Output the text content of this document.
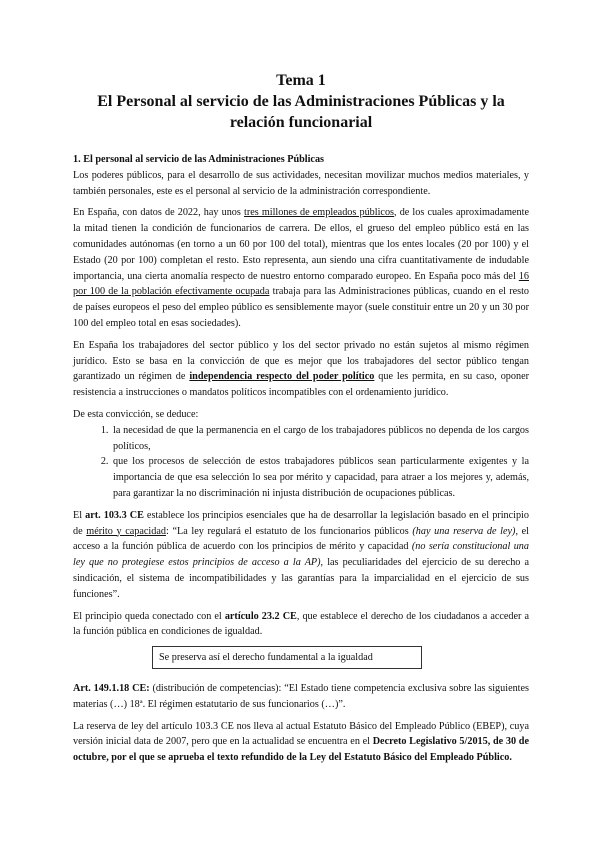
Tema 1
El Personal al servicio de las Administraciones Públicas y la relación funcionarial
1. El personal al servicio de las Administraciones Públicas

Los poderes públicos, para el desarrollo de sus actividades, necesitan movilizar muchos medios materiales, y también personales, este es el personal al servicio de la administración correspondiente.

En España, con datos de 2022, hay unos tres millones de empleados públicos, de los cuales aproximadamente la mitad tienen la condición de funcionarios de carrera. De ellos, el grueso del empleo público está en las comunidades autónomas (en torno a un 60 por 100 del total), mientras que los entes locales (20 por 100) y el Estado (20 por 100) completan el resto. Esto representa, aun siendo una cifra cuantitativamente de indudable importancia, una cierta anomalía respecto de nuestro entorno comparado europeo. En España poco más del 16 por 100 de la población efectivamente ocupada trabaja para las Administraciones públicas, cuando en el resto de países europeos el peso del empleo público es sensiblemente mayor (suele constituir entre un 20 y un 30 por 100 del empleo total en esas sociedades).

En España los trabajadores del sector público y los del sector privado no están sujetos al mismo régimen jurídico. Esto se basa en la convicción de que es mejor que los trabajadores del sector público tengan garantizado un régimen de independencia respecto del poder político que les permita, en su caso, oponer resistencia a instrucciones o mandatos políticos incompatibles con el ordenamiento jurídico.

De esta convicción, se deduce:

1. la necesidad de que la permanencia en el cargo de los trabajadores públicos no dependa de los cargos políticos,
2. que los procesos de selección de estos trabajadores públicos sean particularmente exigentes y la importancia de que esa selección lo sea por mérito y capacidad, para atraer a los mejores y, además, para garantizar la no discriminación ni injusta distribución de ocupaciones públicas.

El art. 103.3 CE establece los principios esenciales que ha de desarrollar la legislación basado en el principio de mérito y capacidad: “La ley regulará el estatuto de los funcionarios públicos (hay una reserva de ley), el acceso a la función pública de acuerdo con los principios de mérito y capacidad (no sería constitucional una ley que no protegiese estos principios de acceso a la AP), las peculiaridades del ejercicio de su derecho a sindicación, el sistema de incompatibilidades y las garantías para la imparcialidad en el ejercicio de sus funciones”.

El principio queda conectado con el artículo 23.2 CE, que establece el derecho de los ciudadanos a acceder a la función pública en condiciones de igualdad.

Se preserva así el derecho fundamental a la igualdad

Art. 149.1.18 CE: (distribución de competencias): “El Estado tiene competencia exclusiva sobre las siguientes materias (…) 18ª. El régimen estatutario de sus funcionarios (…)”.

La reserva de ley del artículo 103.3 CE nos lleva al actual Estatuto Básico del Empleado Público (EBEP), cuya versión inicial data de 2007, pero que en la actualidad se encuentra en el Decreto Legislativo 5/2015, de 30 de octubre, por el que se aprueba el texto refundido de la Ley del Estatuto Básico del Empleado Público.
